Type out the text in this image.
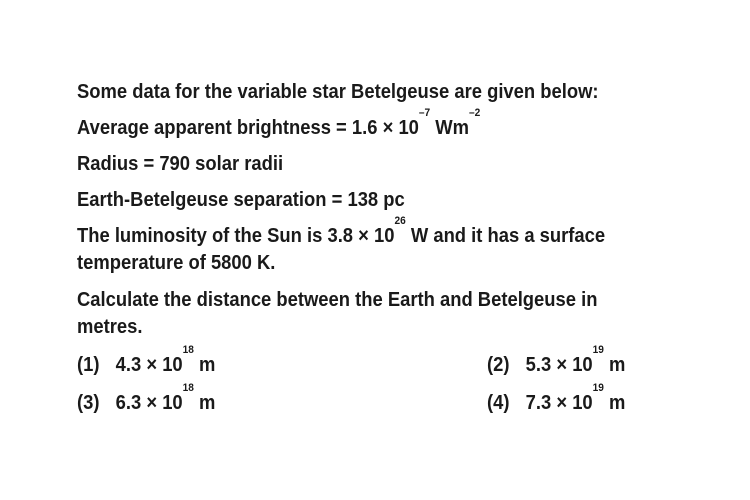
Some data for the variable star Betelgeuse are given below:
Average apparent brightness = $1.6 \times 10^{-7}$ $Wm^{-2}$
Radius = 790 solar radii
Earth-Betelgeuse separation = 138 pc
The luminosity of the Sun is $3.8 \times 10^{26}$ W and it has a surface temperature of 5800 K.
Calculate the distance between the Earth and Betelgeuse in metres.
(1) $4.3 \times 10^{18}$ m	(2) $5.3 \times 10^{19}$ m
(3) $6.3 \times 10^{18}$ m	(4) $7.3 \times 10^{19}$ m
